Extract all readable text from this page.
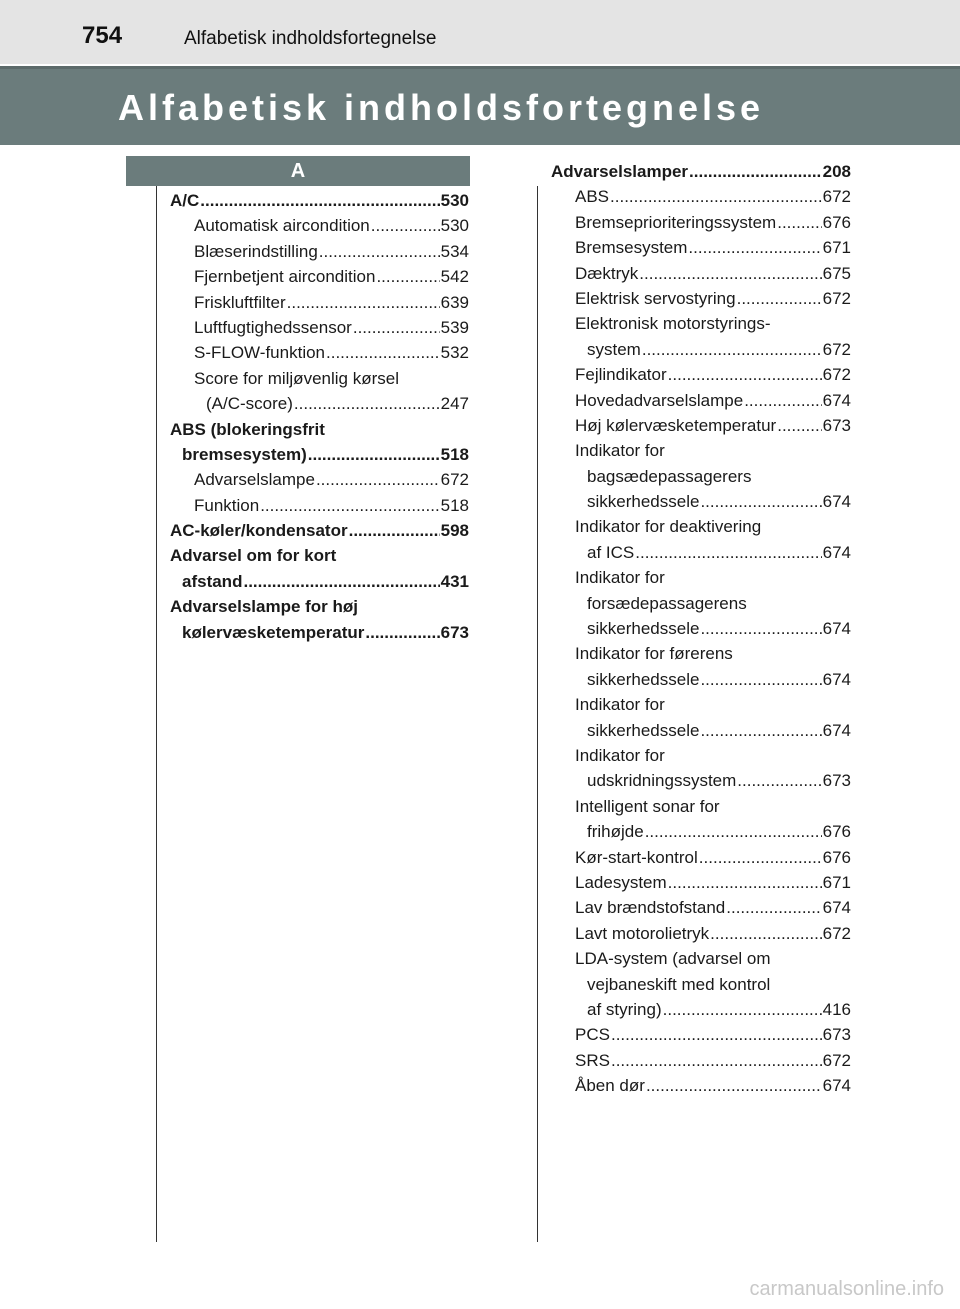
754	Alfabetisk indholdsfortegnelse
Alfabetisk indholdsfortegnelse
A
A/C .....	530
Automatisk aircondition .....	530
Blæserindstilling .....	534
Fjernbetjent aircondition .....	542
Friskluftfilter .....	639
Luftfugtighedssensor .....	539
S-FLOW-funktion .....	532
Score for miljøvenlig kørsel
(A/C-score) .....	247
ABS (blokeringsfrit
bremsesystem) .....	518
Advarselslampe .....	672
Funktion .....	518
AC-køler/kondensator .....	598
Advarsel om for kort
afstand .....	431
Advarselslampe for høj
kølervæsketemperatur .....	673
Advarselslamper .....	208
ABS .....	672
Bremseprioriteringssystem .....	676
Bremsesystem .....	671
Dæktryk .....	675
Elektrisk servostyring .....	672
Elektronisk motorstyrings-
system .....	672
Fejlindikator .....	672
Hovedadvarselslampe .....	674
Høj kølervæsketemperatur .....	673
Indikator for
bagsædepassagerers
sikkerhedssele .....	674
Indikator for deaktivering
af ICS .....	674
Indikator for
forsædepassagerens
sikkerhedssele .....	674
Indikator for førerens
sikkerhedssele .....	674
Indikator for
sikkerhedssele .....	674
Indikator for
udskridningssystem .....	673
Intelligent sonar for
frihøjde .....	676
Kør-start-kontrol .....	676
Ladesystem .....	671
Lav brændstofstand .....	674
Lavt motorolietryk .....	672
LDA-system (advarsel om
vejbaneskift med kontrol
af styring) .....	416
PCS .....	673
SRS .....	672
Åben dør .....	674
carmanualsonline.info
